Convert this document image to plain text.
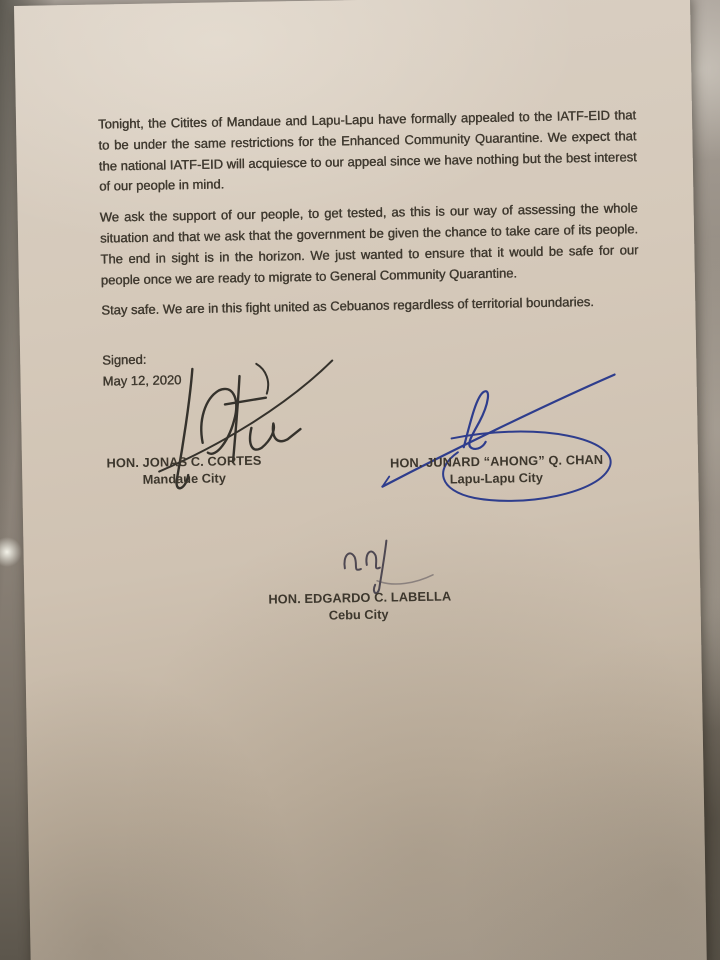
Tonight, the Citites of Mandaue and Lapu-Lapu have formally appealed to the IATF-EID that to be under the same restrictions for the Enhanced Community Quarantine. We expect that the national IATF-EID will acquiesce to our appeal since we have nothing but the best interest of our people in mind.

We ask the support of our people, to get tested, as this is our way of assessing the whole situation and that we ask that the government be given the chance to take care of its people. The end in sight is in the horizon. We just wanted to ensure that it would be safe for our people once we are ready to migrate to General Community Quarantine.

Stay safe. We are in this fight united as Cebuanos regardless of territorial boundaries.

Signed:
May 12, 2020
HON. JONAS C. CORTES
Mandaue City
HON. JUNARD “AHONG” Q. CHAN
Lapu-Lapu City
HON. EDGARDO C. LABELLA
Cebu City
